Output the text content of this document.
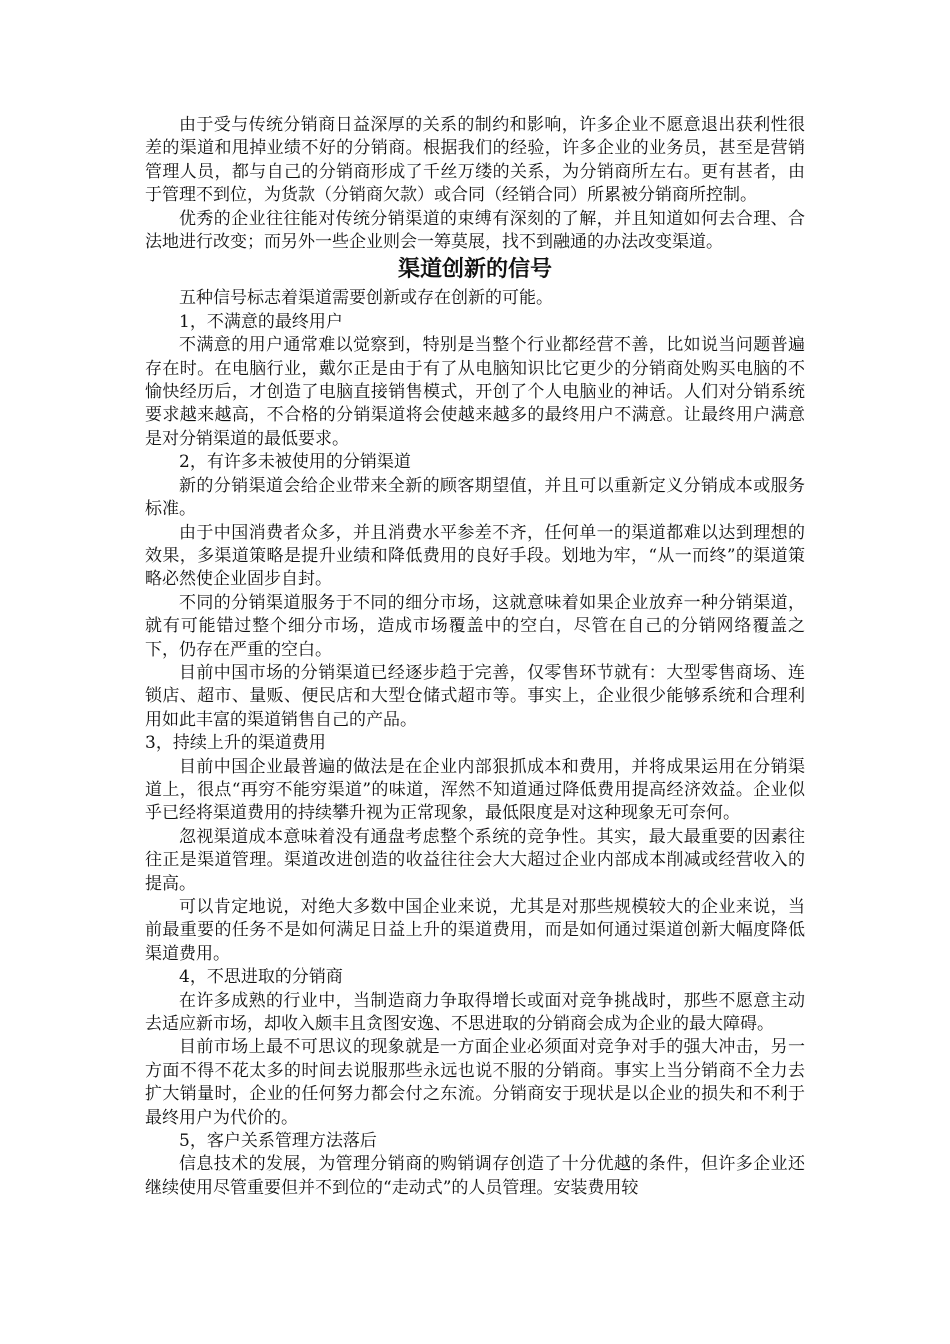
由于受与传统分销商日益深厚的关系的制约和影响，许多企业不愿意退出获利性很差的渠道和甩掉业绩不好的分销商。根据我们的经验，许多企业的业务员，甚至是营销管理人员，都与自己的分销商形成了千丝万缕的关系，为分销商所左右。更有甚者，由于管理不到位，为货款（分销商欠款）或合同（经销合同）所累被分销商所控制。

优秀的企业往往能对传统分销渠道的束缚有深刻的了解，并且知道如何去合理、合法地进行改变；而另外一些企业则会一筹莫展，找不到融通的办法改变渠道。

渠道创新的信号

五种信号标志着渠道需要创新或存在创新的可能。

1，不满意的最终用户

不满意的用户通常难以觉察到，特别是当整个行业都经营不善，比如说当问题普遍存在时。在电脑行业，戴尔正是由于有了从电脑知识比它更少的分销商处购买电脑的不愉快经历后，才创造了电脑直接销售模式，开创了个人电脑业的神话。人们对分销系统要求越来越高，不合格的分销渠道将会使越来越多的最终用户不满意。让最终用户满意是对分销渠道的最低要求。

2，有许多未被使用的分销渠道

新的分销渠道会给企业带来全新的顾客期望值，并且可以重新定义分销成本或服务标准。

由于中国消费者众多，并且消费水平参差不齐，任何单一的渠道都难以达到理想的效果，多渠道策略是提升业绩和降低费用的良好手段。划地为牢，“从一而终”的渠道策略必然使企业固步自封。

不同的分销渠道服务于不同的细分市场，这就意味着如果企业放弃一种分销渠道，就有可能错过整个细分市场，造成市场覆盖中的空白，尽管在自己的分销网络覆盖之下，仍存在严重的空白。

目前中国市场的分销渠道已经逐步趋于完善，仅零售环节就有：大型零售商场、连锁店、超市、量贩、便民店和大型仓储式超市等。事实上，企业很少能够系统和合理利用如此丰富的渠道销售自己的产品。

3，持续上升的渠道费用

目前中国企业最普遍的做法是在企业内部狠抓成本和费用，并将成果运用在分销渠道上，很点“再穷不能穷渠道”的味道，浑然不知道通过降低费用提高经济效益。企业似乎已经将渠道费用的持续攀升视为正常现象，最低限度是对这种现象无可奈何。

忽视渠道成本意味着没有通盘考虑整个系统的竞争性。其实，最大最重要的因素往往正是渠道管理。渠道改进创造的收益往往会大大超过企业内部成本削减或经营收入的提高。

可以肯定地说，对绝大多数中国企业来说，尤其是对那些规模较大的企业来说，当前最重要的任务不是如何满足日益上升的渠道费用，而是如何通过渠道创新大幅度降低渠道费用。

4，不思进取的分销商

在许多成熟的行业中，当制造商力争取得增长或面对竞争挑战时，那些不愿意主动去适应新市场，却收入颇丰且贪图安逸、不思进取的分销商会成为企业的最大障碍。

目前市场上最不可思议的现象就是一方面企业必须面对竞争对手的强大冲击，另一方面不得不花太多的时间去说服那些永远也说不服的分销商。事实上当分销商不全力去扩大销量时，企业的任何努力都会付之东流。分销商安于现状是以企业的损失和不利于最终用户为代价的。

5，客户关系管理方法落后

信息技术的发展，为管理分销商的购销调存创造了十分优越的条件，但许多企业还继续使用尽管重要但并不到位的“走动式”的人员管理。安装费用较
